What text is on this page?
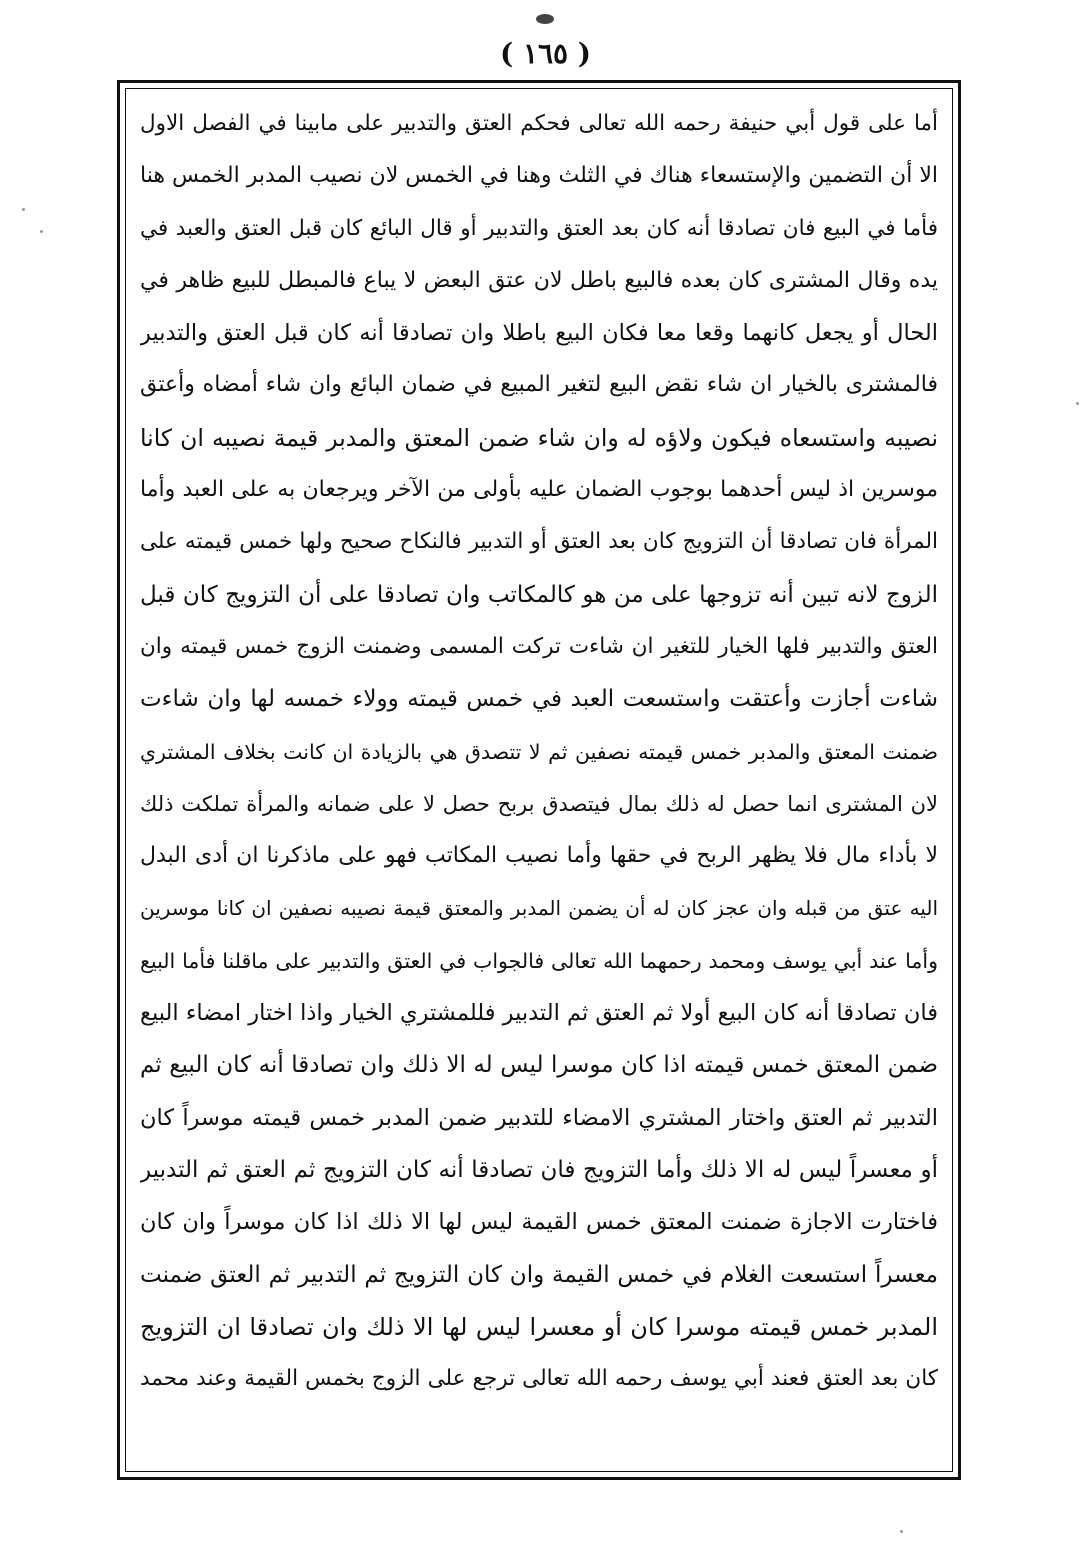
( ١٦٥ )
أما على قول أبي حنيفة رحمه الله تعالى فحكم العتق والتدبير على مابينا في الفصل الاول
الا أن التضمين والإستسعاء هناك في الثلث وهنا في الخمس لان نصيب المدبر الخمس هنا
فأما في البيع فان تصادقا أنه كان بعد العتق والتدبير أو قال البائع كان قبل العتق والعبد في
يده وقال المشترى كان بعده فالبيع باطل لان عتق البعض لا يباع فالمبطل للبيع ظاهر في
الحال أو يجعل كانهما وقعا معا فكان البيع باطلا وان تصادقا أنه كان قبل العتق والتدبير
فالمشترى بالخيار ان شاء نقض البيع لتغير المبيع في ضمان البائع وان شاء أمضاه وأعتق
نصيبه واستسعاه فيكون ولاؤه له وان شاء ضمن المعتق والمدبر قيمة نصيبه ان كانا
موسرين اذ ليس أحدهما بوجوب الضمان عليه بأولى من الآخر ويرجعان به على العبد وأما
المرأة فان تصادقا أن التزويج كان بعد العتق أو التدبير فالنكاح صحيح ولها خمس قيمته على
الزوج لانه تبين أنه تزوجها على من هو كالمكاتب وان تصادقا على أن التزويج كان قبل
العتق والتدبير فلها الخيار للتغير ان شاءت تركت المسمى وضمنت الزوج خمس قيمته وان
شاءت أجازت وأعتقت واستسعت العبد في خمس قيمته وولاء خمسه لها وان شاءت
ضمنت المعتق والمدبر خمس قيمته نصفين ثم لا تتصدق هي بالزيادة ان كانت بخلاف المشتري
لان المشترى انما حصل له ذلك بمال فيتصدق بربح حصل لا على ضمانه والمرأة تملكت ذلك
لا بأداء مال فلا يظهر الربح في حقها وأما نصيب المكاتب فهو على ماذكرنا ان أدى البدل
اليه عتق من قبله وان عجز كان له أن يضمن المدبر والمعتق قيمة نصيبه نصفين ان كانا موسرين
وأما عند أبي يوسف ومحمد رحمهما الله تعالى فالجواب في العتق والتدبير على ماقلنا فأما البيع
فان تصادقا أنه كان البيع أولا ثم العتق ثم التدبير فللمشتري الخيار واذا اختار امضاء البيع
ضمن المعتق خمس قيمته اذا كان موسرا ليس له الا ذلك وان تصادقا أنه كان البيع ثم
التدبير ثم العتق واختار المشتري الامضاء للتدبير ضمن المدبر خمس قيمته موسراً كان
أو معسراً ليس له الا ذلك وأما التزويج فان تصادقا أنه كان التزويج ثم العتق ثم التدبير
فاختارت الاجازة ضمنت المعتق خمس القيمة ليس لها الا ذلك اذا كان موسراً وان كان
معسراً استسعت الغلام في خمس القيمة وان كان التزويج ثم التدبير ثم العتق ضمنت
المدبر خمس قيمته موسرا كان أو معسرا ليس لها الا ذلك وان تصادقا ان التزويج
كان بعد العتق فعند أبي يوسف رحمه الله تعالى ترجع على الزوج بخمس القيمة وعند محمد
